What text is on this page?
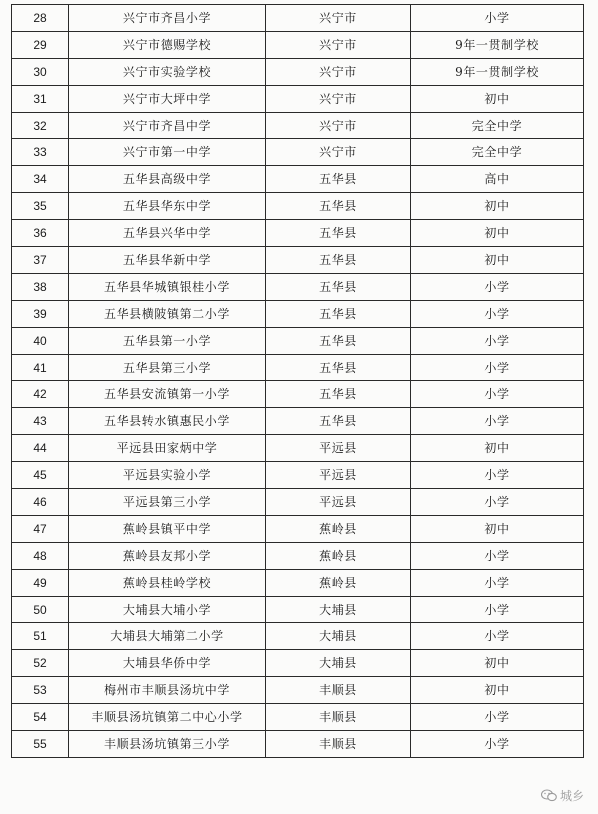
28	兴宁市齐昌小学	兴宁市	小学
29	兴宁市德赐学校	兴宁市	9年一贯制学校
30	兴宁市实验学校	兴宁市	9年一贯制学校
31	兴宁市大坪中学	兴宁市	初中
32	兴宁市齐昌中学	兴宁市	完全中学
33	兴宁市第一中学	兴宁市	完全中学
34	五华县高级中学	五华县	高中
35	五华县华东中学	五华县	初中
36	五华县兴华中学	五华县	初中
37	五华县华新中学	五华县	初中
38	五华县华城镇银桂小学	五华县	小学
39	五华县横陂镇第二小学	五华县	小学
40	五华县第一小学	五华县	小学
41	五华县第三小学	五华县	小学
42	五华县安流镇第一小学	五华县	小学
43	五华县转水镇惠民小学	五华县	小学
44	平远县田家炳中学	平远县	初中
45	平远县实验小学	平远县	小学
46	平远县第三小学	平远县	小学
47	蕉岭县镇平中学	蕉岭县	初中
48	蕉岭县友邦小学	蕉岭县	小学
49	蕉岭县桂岭学校	蕉岭县	小学
50	大埔县大埔小学	大埔县	小学
51	大埔县大埔第二小学	大埔县	小学
52	大埔县华侨中学	大埔县	初中
53	梅州市丰顺县汤坑中学	丰顺县	初中
54	丰顺县汤坑镇第二中心小学	丰顺县	小学
55	丰顺县汤坑镇第三小学	丰顺县	小学
城乡
